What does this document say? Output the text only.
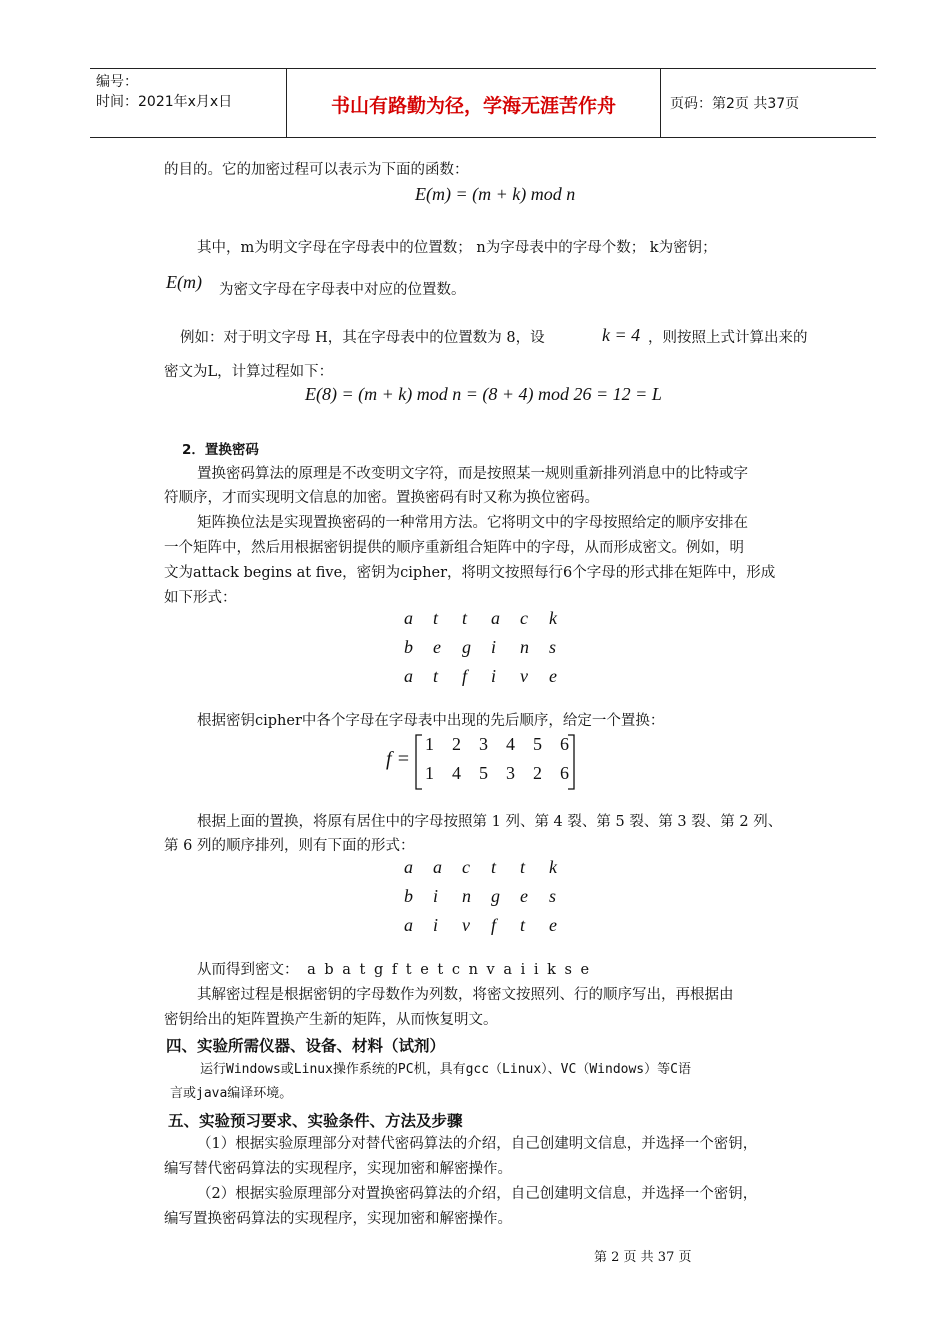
编号：
时间：2021年x月x日	书山有路勤为径，学海无涯苦作舟	页码：第2页 共37页
的目的。它的加密过程可以表示为下面的函数：
E(m) = (m + k) mod n
其中，m为明文字母在字母表中的位置数； n为字母表中的字母个数； k为密钥；
E(m) 为密文字母在字母表中对应的位置数。
例如：对于明文字母 H，其在字母表中的位置数为 8，设	k = 4 ，则按照上式计算出来的
密文为L，计算过程如下：
E(8) = (m + k) mod n = (8 + 4) mod 26 = 12 = L
2．置换密码
置换密码算法的原理是不改变明文字符，而是按照某一规则重新排列消息中的比特或字
符顺序，才而实现明文信息的加密。置换密码有时又称为换位密码。
矩阵换位法是实现置换密码的一种常用方法。它将明文中的字母按照给定的顺序安排在
一个矩阵中，然后用根据密钥提供的顺序重新组合矩阵中的字母，从而形成密文。例如，明
文为attack begins at five，密钥为cipher，将明文按照每行6个字母的形式排在矩阵中，形成
如下形式：
a t t a c k
b e g i n s
a t f i v e
根据密钥cipher中各个字母在字母表中出现的先后顺序，给定一个置换：
f =
1 2 3 4 5 6
1 4 5 3 2 6
根据上面的置换，将原有居住中的字母按照第 1 列、第 4 裂、第 5 裂、第 3 裂、第 2 列、
第 6 列的顺序排列，则有下面的形式：
a a c t t k
b i n g e s
a i v f t e
从而得到密文： a b a t g f t e t c n v a i i k s e
其解密过程是根据密钥的字母数作为列数，将密文按照列、行的顺序写出，再根据由
密钥给出的矩阵置换产生新的矩阵，从而恢复明文。
四、实验所需仪器、设备、材料（试剂）
运行Windows或Linux操作系统的PC机，具有gcc（Linux）、VC（Windows）等C语
言或java编译环境。
五、实验预习要求、实验条件、方法及步骤
（1）根据实验原理部分对替代密码算法的介绍，自己创建明文信息，并选择一个密钥，
编写替代密码算法的实现程序，实现加密和解密操作。
（2）根据实验原理部分对置换密码算法的介绍，自己创建明文信息，并选择一个密钥，
编写置换密码算法的实现程序，实现加密和解密操作。
第 2 页 共 37 页
